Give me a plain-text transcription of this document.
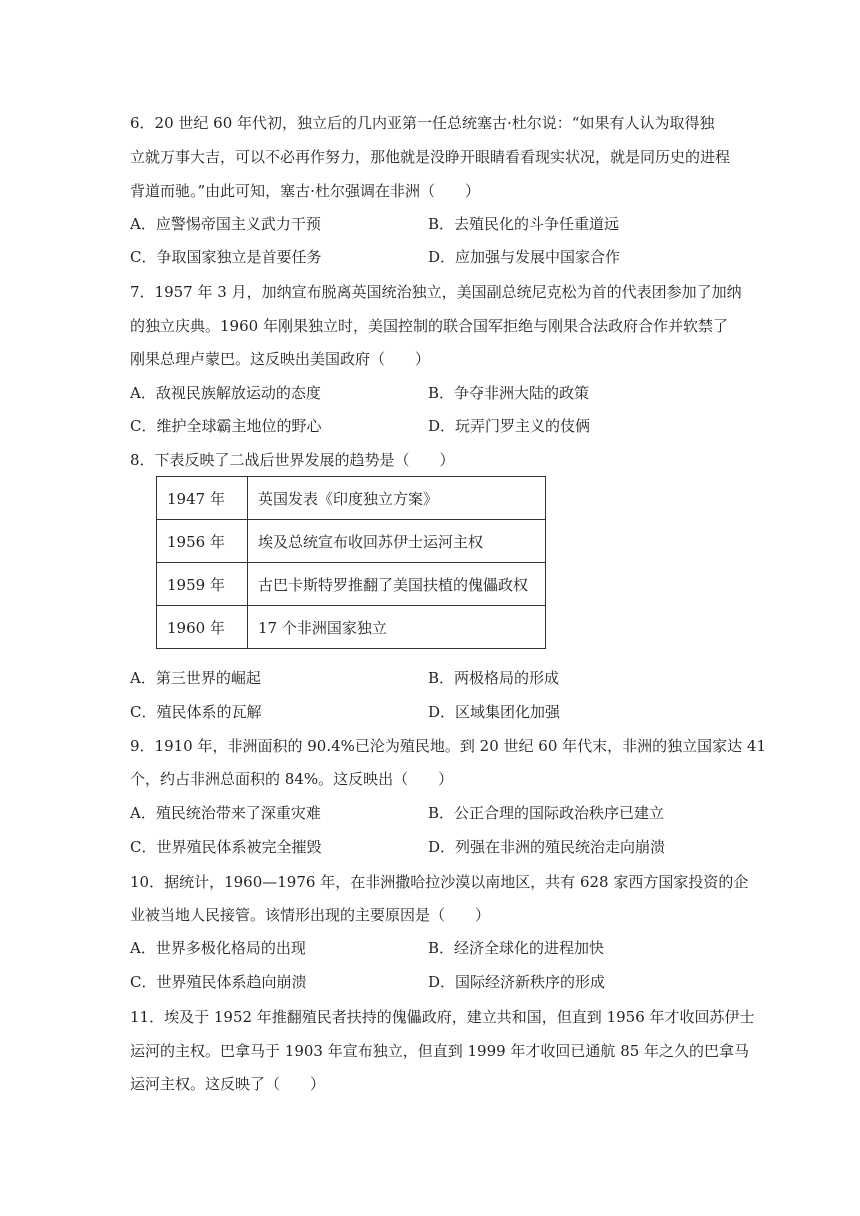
6．20 世纪 60 年代初，独立后的几内亚第一任总统塞古·杜尔说：“如果有人认为取得独
立就万事大吉，可以不必再作努力，那他就是没睁开眼睛看看现实状况，就是同历史的进程
背道而驰。”由此可知，塞古·杜尔强调在非洲（　　）
A．应警惕帝国主义武力干预	B．去殖民化的斗争任重道远
C．争取国家独立是首要任务	D．应加强与发展中国家合作
7．1957 年 3 月，加纳宣布脱离英国统治独立，美国副总统尼克松为首的代表团参加了加纳
的独立庆典。1960 年刚果独立时，美国控制的联合国军拒绝与刚果合法政府合作并软禁了
刚果总理卢蒙巴。这反映出美国政府（　　）
A．敌视民族解放运动的态度	B．争夺非洲大陆的政策
C．维护全球霸主地位的野心	D．玩弄门罗主义的伎俩
8．下表反映了二战后世界发展的趋势是（　　）
1947 年	英国发表《印度独立方案》
1956 年	埃及总统宣布收回苏伊士运河主权
1959 年	古巴卡斯特罗推翻了美国扶植的傀儡政权
1960 年	17 个非洲国家独立
A．第三世界的崛起	B．两极格局的形成
C．殖民体系的瓦解	D．区域集团化加强
9．1910 年，非洲面积的 90.4%已沦为殖民地。到 20 世纪 60 年代末，非洲的独立国家达 41
个，约占非洲总面积的 84%。这反映出（　　）
A．殖民统治带来了深重灾难	B．公正合理的国际政治秩序已建立
C．世界殖民体系被完全摧毁	D．列强在非洲的殖民统治走向崩溃
10．据统计，1960—1976 年，在非洲撒哈拉沙漠以南地区，共有 628 家西方国家投资的企
业被当地人民接管。该情形出现的主要原因是（　　）
A．世界多极化格局的出现	B．经济全球化的进程加快
C．世界殖民体系趋向崩溃	D．国际经济新秩序的形成
11．埃及于 1952 年推翻殖民者扶持的傀儡政府，建立共和国，但直到 1956 年才收回苏伊士
运河的主权。巴拿马于 1903 年宣布独立，但直到 1999 年才收回已通航 85 年之久的巴拿马
运河主权。这反映了（　　）
